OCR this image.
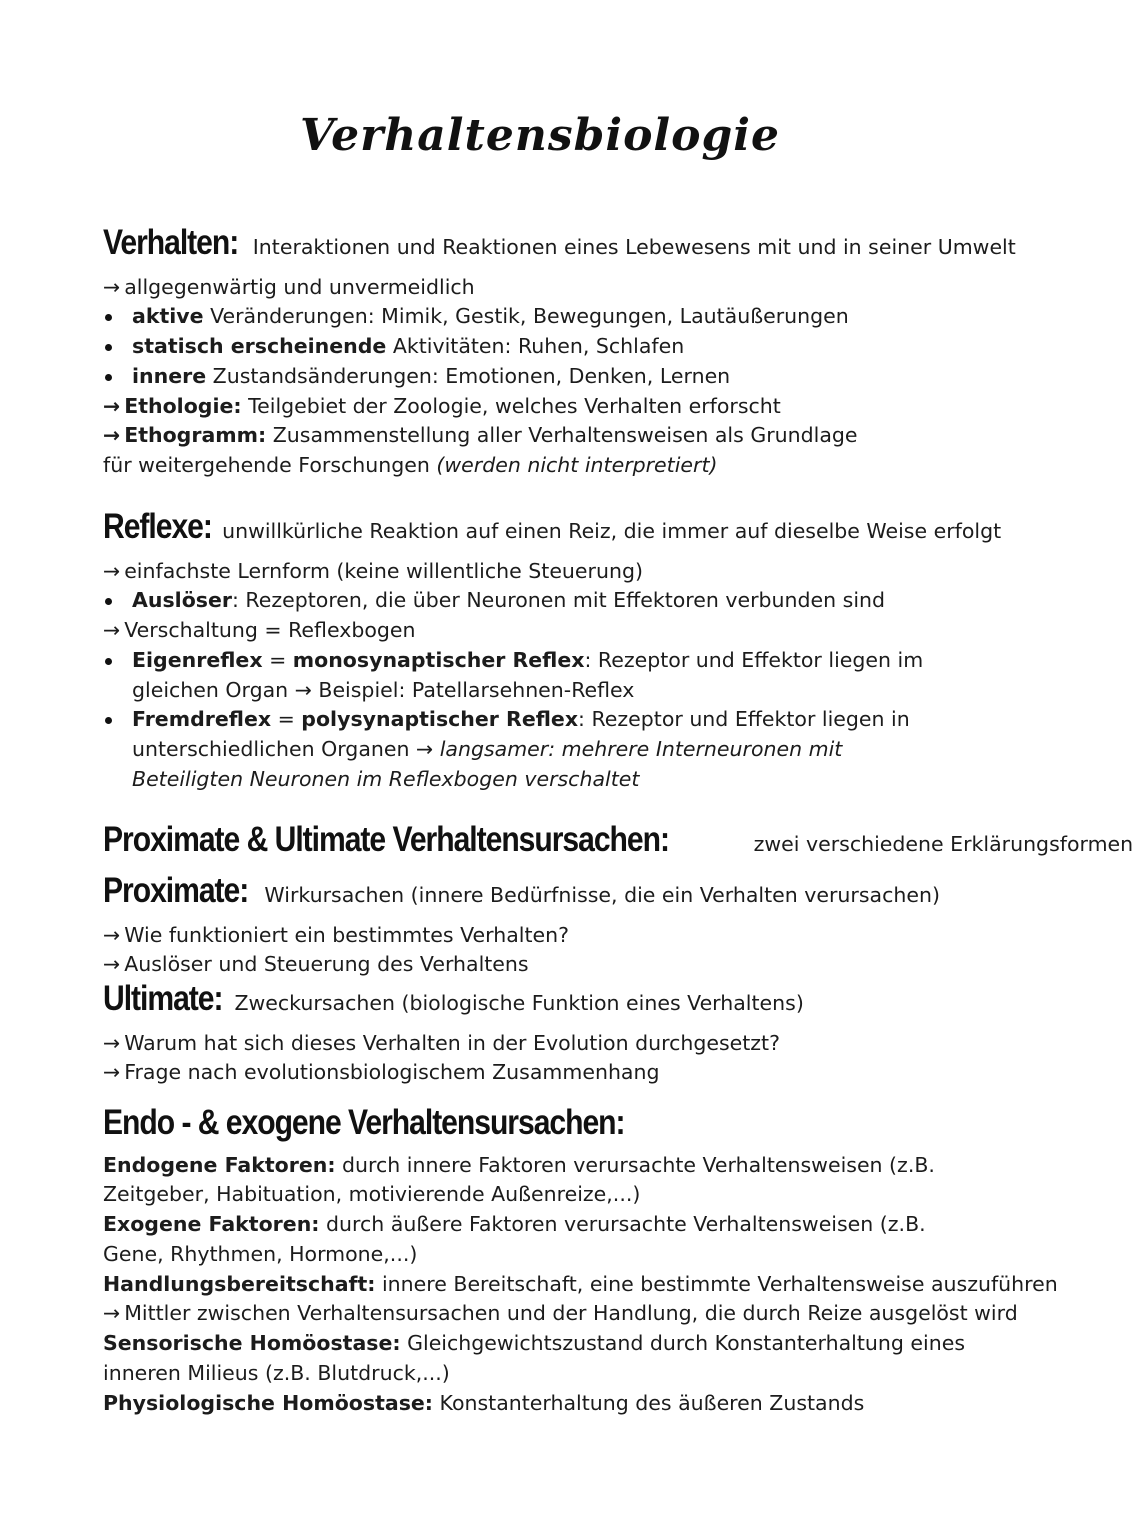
Verhaltensbiologie
Verhalten: Interaktionen und Reaktionen eines Lebewesens mit und in seiner Umwelt
→ allgegenwärtig und unvermeidlich
aktive Veränderungen: Mimik, Gestik, Bewegungen, Lautäußerungen
statisch erscheinende Aktivitäten: Ruhen, Schlafen
innere Zustandsänderungen: Emotionen, Denken, Lernen
→ Ethologie: Teilgebiet der Zoologie, welches Verhalten erforscht
→ Ethogramm: Zusammenstellung aller Verhaltensweisen als Grundlage für weitergehende Forschungen (werden nicht interpretiert)
Reflexe: unwillkürliche Reaktion auf einen Reiz, die immer auf dieselbe Weise erfolgt
→ einfachste Lernform (keine willentliche Steuerung)
Auslöser: Rezeptoren, die über Neuronen mit Effektoren verbunden sind
→ Verschaltung = Reflexbogen
Eigenreflex = monosynaptischer Reflex: Rezeptor und Effektor liegen im gleichen Organ → Beispiel: Patellarsehnen-Reflex
Fremdreflex = polysynaptischer Reflex: Rezeptor und Effektor liegen in unterschiedlichen Organen → langsamer: mehrere Interneuronen mit Beteiligten Neuronen im Reflexbogen verschaltet
Proximate & Ultimate Verhaltensursachen:	zwei verschiedene Erklärungsformen
Proximate: Wirkursachen (innere Bedürfnisse, die ein Verhalten verursachen)
→ Wie funktioniert ein bestimmtes Verhalten?
→ Auslöser und Steuerung des Verhaltens
Ultimate: Zweckursachen (biologische Funktion eines Verhaltens)
→ Warum hat sich dieses Verhalten in der Evolution durchgesetzt?
→ Frage nach evolutionsbiologischem Zusammenhang
Endo - & exogene Verhaltensursachen:
Endogene Faktoren: durch innere Faktoren verursachte Verhaltensweisen (z.B. Zeitgeber, Habituation, motivierende Außenreize,...)
Exogene Faktoren: durch äußere Faktoren verursachte Verhaltensweisen (z.B. Gene, Rhythmen, Hormone,...)
Handlungsbereitschaft: innere Bereitschaft, eine bestimmte Verhaltensweise auszuführen
→ Mittler zwischen Verhaltensursachen und der Handlung, die durch Reize ausgelöst wird
Sensorische Homöostase: Gleichgewichtszustand durch Konstanterhaltung eines inneren Milieus (z.B. Blutdruck,...)
Physiologische Homöostase: Konstanterhaltung des äußeren Zustands
